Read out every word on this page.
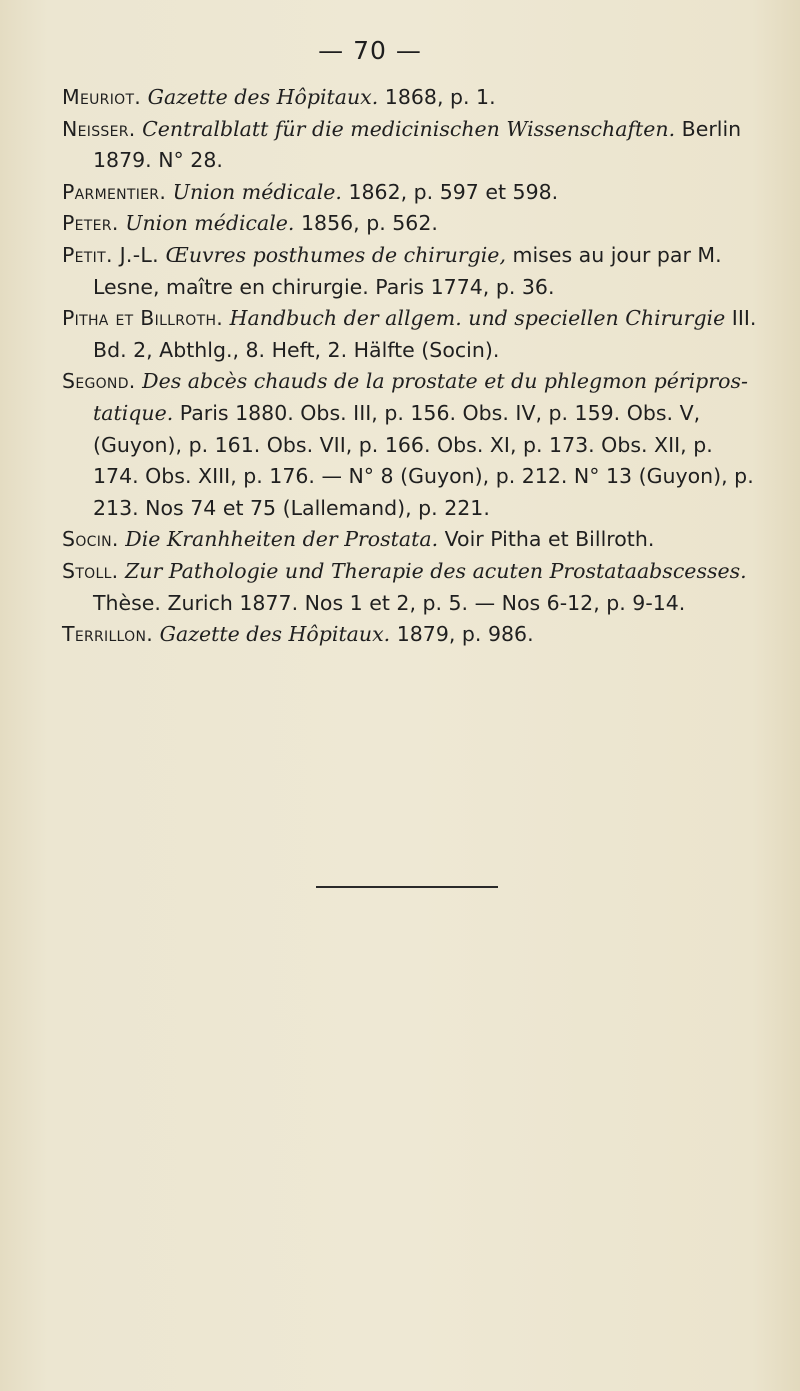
— 70 —

Meuriot. Gazette des Hôpitaux. 1868, p. 1.

Neisser. Centralblatt für die medicinischen Wissenschaften. Berlin 1879. N° 28.

Parmentier. Union médicale. 1862, p. 597 et 598.

Peter. Union médicale. 1856, p. 562.

Petit. J.-L. Œuvres posthumes de chirurgie, mises au jour par M. Lesne, maître en chirurgie. Paris 1774, p. 36.

Pitha et Billroth. Handbuch der allgem. und speciellen Chirurgie III. Bd. 2, Abthlg., 8. Heft, 2. Hälfte (Socin).

Segond. Des abcès chauds de la prostate et du phlegmon péripros-tatique. Paris 1880. Obs. III, p. 156. Obs. IV, p. 159. Obs. V, (Guyon), p. 161. Obs. VII, p. 166. Obs. XI, p. 173. Obs. XII, p. 174. Obs. XIII, p. 176. — N° 8 (Guyon), p. 212. N° 13 (Guyon), p. 213. Nos 74 et 75 (Lallemand), p. 221.

Socin. Die Kranhheiten der Prostata. Voir Pitha et Billroth.

Stoll. Zur Pathologie und Therapie des acuten Prostataabscesses. Thèse. Zurich 1877. Nos 1 et 2, p. 5. — Nos 6-12, p. 9-14.

Terrillon. Gazette des Hôpitaux. 1879, p. 986.
